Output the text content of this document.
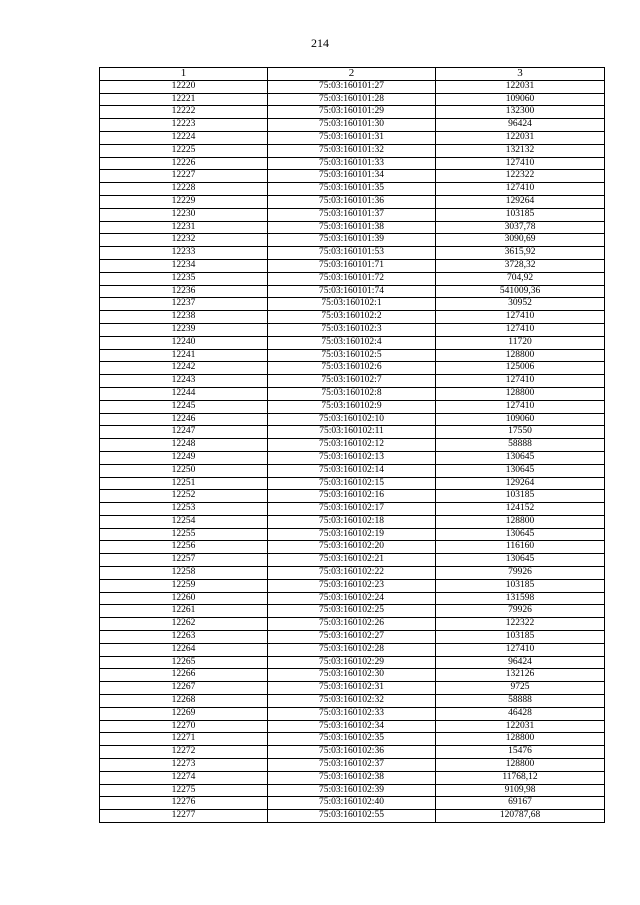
214
1	2	3
12220	75:03:160101:27	122031
12221	75:03:160101:28	109060
12222	75:03:160101:29	132300
12223	75:03:160101:30	96424
12224	75:03:160101:31	122031
12225	75:03:160101:32	132132
12226	75:03:160101:33	127410
12227	75:03:160101:34	122322
12228	75:03:160101:35	127410
12229	75:03:160101:36	129264
12230	75:03:160101:37	103185
12231	75:03:160101:38	3037,78
12232	75:03:160101:39	3090,69
12233	75:03:160101:53	3615,92
12234	75:03:160101:71	3728,32
12235	75:03:160101:72	704,92
12236	75:03:160101:74	541009,36
12237	75:03:160102:1	30952
12238	75:03:160102:2	127410
12239	75:03:160102:3	127410
12240	75:03:160102:4	11720
12241	75:03:160102:5	128800
12242	75:03:160102:6	125006
12243	75:03:160102:7	127410
12244	75:03:160102:8	128800
12245	75:03:160102:9	127410
12246	75:03:160102:10	109060
12247	75:03:160102:11	17550
12248	75:03:160102:12	58888
12249	75:03:160102:13	130645
12250	75:03:160102:14	130645
12251	75:03:160102:15	129264
12252	75:03:160102:16	103185
12253	75:03:160102:17	124152
12254	75:03:160102:18	128800
12255	75:03:160102:19	130645
12256	75:03:160102:20	116160
12257	75:03:160102:21	130645
12258	75:03:160102:22	79926
12259	75:03:160102:23	103185
12260	75:03:160102:24	131598
12261	75:03:160102:25	79926
12262	75:03:160102:26	122322
12263	75:03:160102:27	103185
12264	75:03:160102:28	127410
12265	75:03:160102:29	96424
12266	75:03:160102:30	132126
12267	75:03:160102:31	9725
12268	75:03:160102:32	58888
12269	75:03:160102:33	46428
12270	75:03:160102:34	122031
12271	75:03:160102:35	128800
12272	75:03:160102:36	15476
12273	75:03:160102:37	128800
12274	75:03:160102:38	11768,12
12275	75:03:160102:39	9109,98
12276	75:03:160102:40	69167
12277	75:03:160102:55	120787,68
